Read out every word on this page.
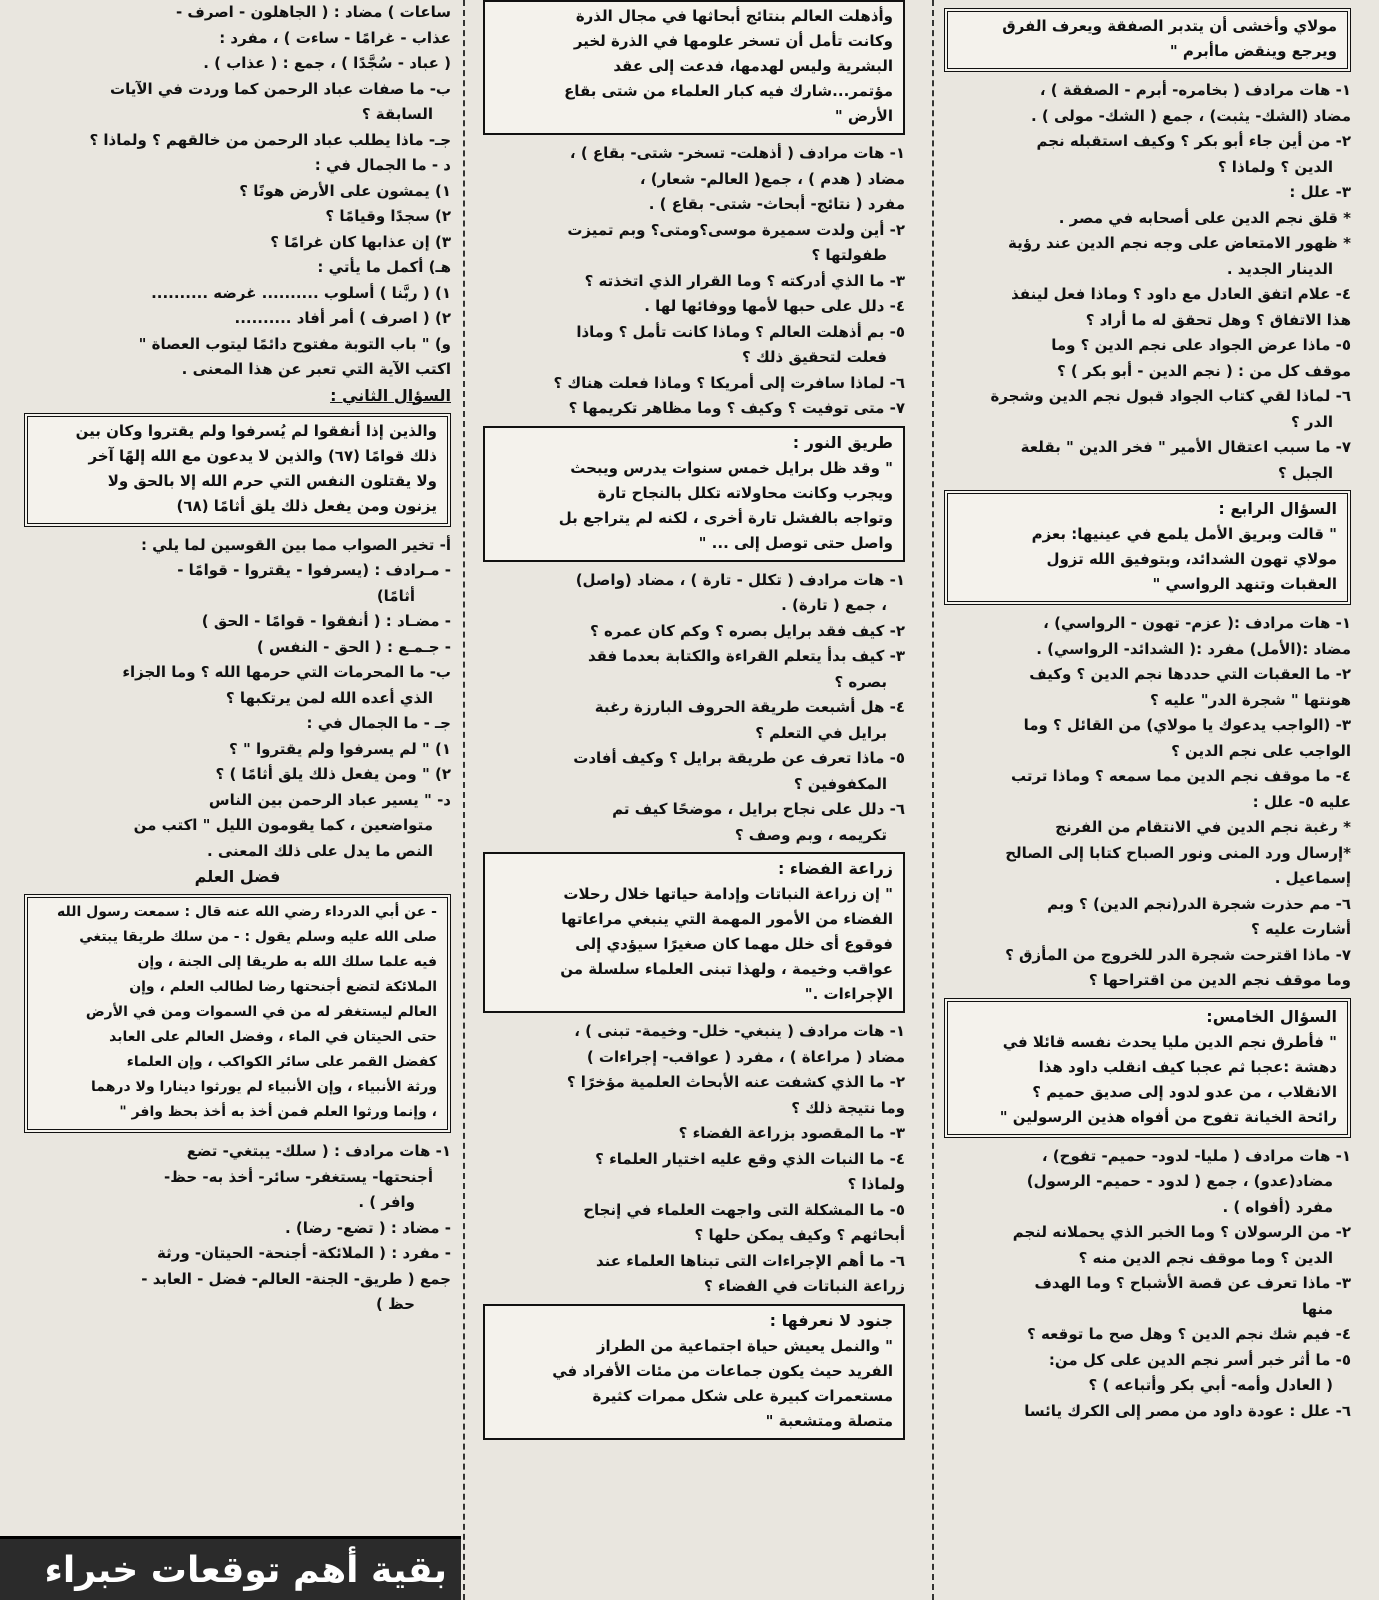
مولاي وأخشى أن يتدبر الصفقة ويعرف الفرق
ويرجع وينقض ماأبرم "
١- هات مرادف ( بخامره- أبرم - الصفقة ) ،
مضاد (الشك- يثبت) ، جمع ( الشك- مولى ) .
٢- من أين جاء أبو بكر ؟ وكيف استقبله نجم
الدين ؟ ولماذا ؟
٣- علل :
* قلق نجم الدين على أصحابه في مصر .
* ظهور الامتعاض على وجه نجم الدين عند رؤية
الدينار الجديد .
٤- علام اتفق العادل مع داود ؟ وماذا فعل لينفذ
هذا الاتفاق ؟ وهل تحقق له ما أراد ؟
٥- ماذا عرض الجواد على نجم الدين ؟ وما
موقف كل من : ( نجم الدين - أبو بكر ) ؟
٦- لماذا لقي كتاب الجواد قبول نجم الدين وشجرة
الدر ؟
٧- ما سبب اعتقال الأمير " فخر الدين " بقلعة
الجبل ؟
السؤال الرابع :
" قالت وبريق الأمل يلمع في عينيها: بعزم
مولاي تهون الشدائد، وبتوفيق الله تزول
العقبات وتنهد الرواسي "
١- هات مرادف :( عزم- تهون - الرواسي) ،
مضاد :(الأمل) مفرد :( الشدائد- الرواسي) .
٢- ما العقبات التي حددها نجم الدين ؟ وكيف
هونتها " شجرة الدر" عليه ؟
٣- (الواجب يدعوك يا مولاي) من القائل ؟ وما
الواجب على نجم الدين ؟
٤- ما موقف نجم الدين مما سمعه ؟ وماذا ترتب
عليه ٥- علل :
* رغبة نجم الدين في الانتقام من الفرنج
*إرسال ورد المنى ونور الصباح كتابا إلى الصالح
إسماعيل .
٦- مم حذرت شجرة الدر(نجم الدين) ؟ وبم
أشارت عليه ؟
٧- ماذا اقترحت شجرة الدر للخروج من المأزق ؟
وما موقف نجم الدين من اقتراحها ؟
السؤال الخامس:
" فأطرق نجم الدين مليا يحدث نفسه قائلا في
دهشة :عجبا ثم عجبا كيف انقلب داود هذا
الانقلاب ، من عدو لدود إلى صديق حميم ؟
رائحة الخيانة تفوح من أفواه هذين الرسولين "
١- هات مرادف ( مليا- لدود- حميم- تفوح) ،
مضاد(عدو) ، جمع ( لدود - حميم- الرسول)
مفرد (أفواه ) .
٢- من الرسولان ؟ وما الخبر الذي يحملانه لنجم
الدين ؟ وما موقف نجم الدين منه ؟
٣- ماذا تعرف عن قصة الأشباح ؟ وما الهدف
منها
٤- فيم شك نجم الدين ؟ وهل صح ما توقعه ؟
٥- ما أثر خبر أسر نجم الدين على كل من:
( العادل وأمه- أبي بكر وأتباعه ) ؟
٦- علل : عودة داود من مصر إلى الكرك يائسا
وأذهلت العالم بنتائج أبحاثها في مجال الذرة
وكانت تأمل أن تسخر علومها في الذرة لخير
البشرية وليس لهدمها، فدعت إلى عقد
مؤتمر...شارك فيه كبار العلماء من شتى بقاع
الأرض "
١- هات مرادف ( أذهلت- تسخر- شتى- بقاع ) ،
مضاد ( هدم ) ، جمع( العالم- شعار) ،
مفرد ( نتائج- أبحاث- شتى- بقاع ) .
٢- أين ولدت سميرة موسى؟ومتى؟ وبم تميزت
طفولتها ؟
٣- ما الذي أدركته ؟ وما القرار الذي اتخذته ؟
٤- دلل على حبها لأمها ووفائها لها .
٥- بم أذهلت العالم ؟ وماذا كانت تأمل ؟ وماذا
فعلت لتحقيق ذلك ؟
٦- لماذا سافرت إلى أمريكا ؟ وماذا فعلت هناك ؟
٧- متى توفيت ؟ وكيف ؟ وما مظاهر تكريمها ؟
طريق النور :
" وقد ظل برايل خمس سنوات يدرس ويبحث
ويجرب وكانت محاولاته تكلل بالنجاح تارة
وتواجه بالفشل تارة أخرى ، لكنه لم يتراجع بل
واصل حتى توصل إلى ... "
١- هات مرادف ( تكلل - تارة ) ، مضاد (واصل)
، جمع ( تارة) .
٢- كيف فقد برايل بصره ؟ وكم كان عمره ؟
٣- كيف بدأ يتعلم القراءة والكتابة بعدما فقد
بصره ؟
٤- هل أشبعت طريقة الحروف البارزة رغبة
برايل في التعلم ؟
٥- ماذا تعرف عن طريقة برايل ؟ وكيف أفادت
المكفوفين ؟
٦- دلل على نجاح برايل ، موضحًا كيف تم
تكريمه ، وبم وصف ؟
زراعة الفضاء :
" إن زراعة النباتات وإدامة حياتها خلال رحلات
الفضاء من الأمور المهمة التي ينبغي مراعاتها
فوقوع أى خلل مهما كان صغيرًا سيؤدي إلى
عواقب وخيمة ، ولهذا تبنى العلماء سلسلة من
الإجراءات ."
١- هات مرادف ( ينبغي- خلل- وخيمة- تبنى ) ،
مضاد ( مراعاة ) ، مفرد ( عواقب- إجراءات )
٢- ما الذي كشفت عنه الأبحاث العلمية مؤخرًا ؟
وما نتيجة ذلك ؟
٣- ما المقصود بزراعة الفضاء ؟
٤- ما النبات الذي وقع عليه اختيار العلماء ؟
ولماذا ؟
٥- ما المشكلة التى واجهت العلماء في إنجاح
أبحاثهم ؟ وكيف يمكن حلها ؟
٦- ما أهم الإجراءات التى تبناها العلماء عند
زراعة النباتات في الفضاء ؟
جنود لا نعرفها :
" والنمل يعيش حياة اجتماعية من الطراز
الفريد حيث يكون جماعات من مئات الأفراد في
مستعمرات كبيرة على شكل ممرات كثيرة
متصلة ومتشعبة "
ساعات ) مضاد : ( الجاهلون - اصرف -
عذاب - غرامًا - ساءت ) ، مفرد :
( عباد - سُجَّدًا ) ، جمع : ( عذاب ) .
ب- ما صفات عباد الرحمن كما وردت في الآيات
السابقة ؟
جـ- ماذا يطلب عباد الرحمن من خالقهم ؟ ولماذا ؟
د - ما الجمال في :
١) يمشون على الأرض هونًا ؟
٢) سجدًا وقيامًا ؟
٣) إن عذابها كان غرامًا ؟
هـ) أكمل ما يأتي :
١) ( ربَّنا ) أسلوب .......... غرضه ..........
٢) ( اصرف ) أمر أفاد ..........
و) " باب التوبة مفتوح دائمًا ليتوب العصاة "
اكتب الآية التي تعبر عن هذا المعنى .
السؤال الثاني :
والذين إذا أنفقوا لم يُسرفوا ولم يقتروا وكان بين
ذلك قوامًا (٦٧) والذين لا يدعون مع الله إلهًا آخر
ولا يقتلون النفس التي حرم الله إلا بالحق ولا
يزنون ومن يفعل ذلك يلق أثامًا (٦٨)
أ- تخير الصواب مما بين القوسين لما يلي :
- مـرادف : (يسرفوا - يقتروا - قوامًا -
أثامًا)
- مضـاد : ( أنفقوا - قوامًا - الحق )
- جـمـع : ( الحق - النفس )
ب- ما المحرمات التي حرمها الله ؟ وما الجزاء
الذي أعده الله لمن يرتكبها ؟
جـ - ما الجمال في :
١) " لم يسرفوا ولم يقتروا " ؟
٢) " ومن يفعل ذلك يلق أثامًا ) ؟
د- " يسير عباد الرحمن بين الناس
متواضعين ، كما يقومون الليل " اكتب من
النص ما يدل على ذلك المعنى .
فضل العلم
- عن أبي الدرداء رضي الله عنه قال : سمعت رسول الله
صلى الله عليه وسلم يقول : - من سلك طريقا يبتغي
فيه علما سلك الله به طريقا إلى الجنة ، وإن
الملائكة لتضع أجنحتها رضا لطالب العلم ، وإن
العالم ليستغفر له من في السموات ومن في الأرض
حتى الحيتان في الماء ، وفضل العالم على العابد
كفضل القمر على سائر الكواكب ، وإن العلماء
ورثة الأنبياء ، وإن الأنبياء لم يورثوا دينارا ولا درهما
، وإنما ورثوا العلم فمن أخذ به أخذ بحظ وافر "
١- هات مرادف : ( سلك- يبتغي- تضع
أجنحتها- يستغفر- سائر- أخذ به- حظ-
وافر ) .
- مضاد : ( تضع- رضا) .
- مفرد : ( الملائكة- أجنحة- الحيتان- ورثة
جمع ( طريق- الجنة- العالم- فضل - العابد -
حظ )
بقية أهم توقعات خبراء
